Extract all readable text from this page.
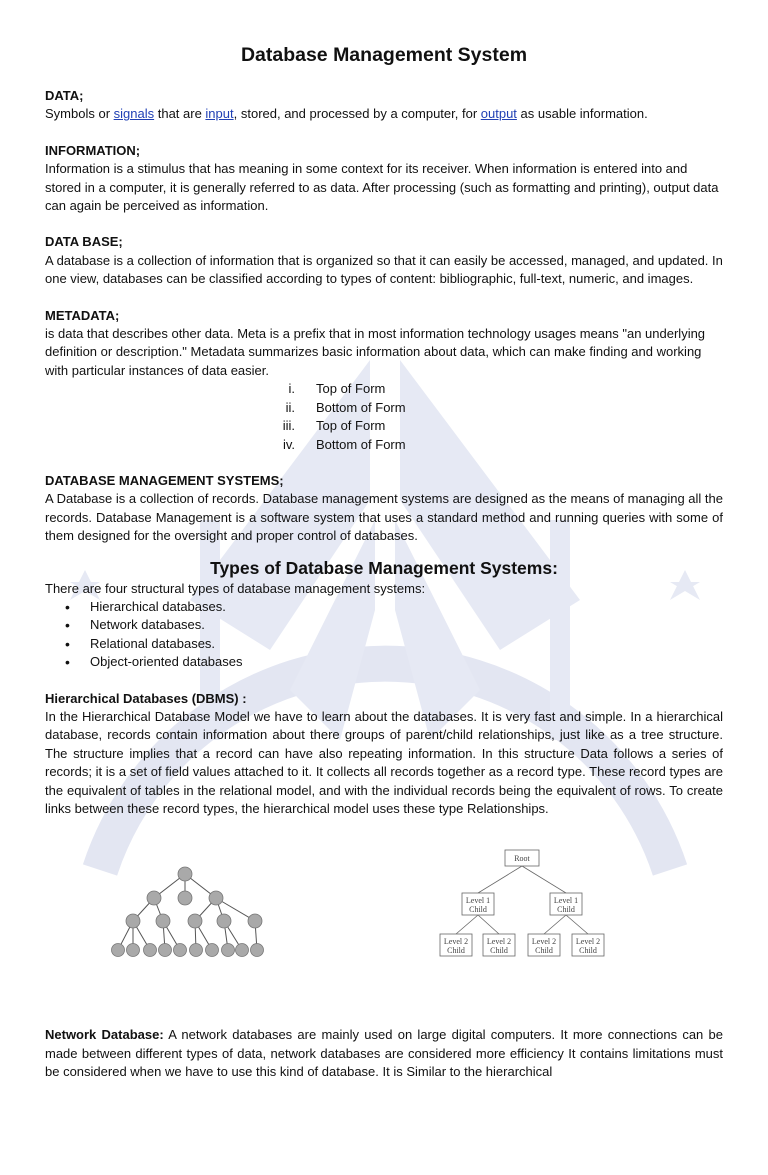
Database Management System
DATA;

Symbols or signals that are input, stored, and processed by a computer, for output as usable information.

INFORMATION;

Information is a stimulus that has meaning in some context for its receiver. When information is entered into and stored in a computer, it is generally referred to as data. After processing (such as formatting and printing), output data can again be perceived as information.

DATA BASE;

A database is a collection of information that is organized so that it can easily be accessed, managed, and updated. In one view, databases can be classified according to types of content: bibliographic, full-text, numeric, and images.

METADATA;

is data that describes other data. Meta is a prefix that in most information technology usages means "an underlying definition or description." Metadata summarizes basic information about data, which can make finding and working with particular instances of data easier.

i.	Top of Form
ii.	Bottom of Form
iii.	Top of Form
iv.	Bottom of Form
DATABASE MANAGEMENT SYSTEMS;

A Database is a collection of records. Database management systems are designed as the means of managing all the records. Database Management is a software system that uses a standard method and running queries with some of them designed for the oversight and proper control of databases.

Types of Database Management Systems:

There are four structural types of database management systems:

•	Hierarchical databases.
•	Network databases.
•	Relational databases.
•	Object-oriented databases
Hierarchical Databases (DBMS) :

In the Hierarchical Database Model we have to learn about the databases. It is very fast and simple. In a hierarchical database, records contain information about there groups of parent/child relationships, just like as a tree structure. The structure implies that a record can have also repeating information. In this structure Data follows a series of records; it is a set of field values attached to it. It collects all records together as a record type. These record types are the equivalent of tables in the relational model, and with the individual records being the equivalent of rows. To create links between these record types, the hierarchical model uses these type Relationships.

Root
Level 1
Child
Level 1
Child
Level 2
Child
Level 2
Child
Level 2
Child
Level 2
Child

Network Database: A network databases are mainly used on large digital computers. It more connections can be made between different types of data, network databases are considered more efficiency It contains limitations must be considered when we have to use this kind of database. It is Similar to the hierarchical
